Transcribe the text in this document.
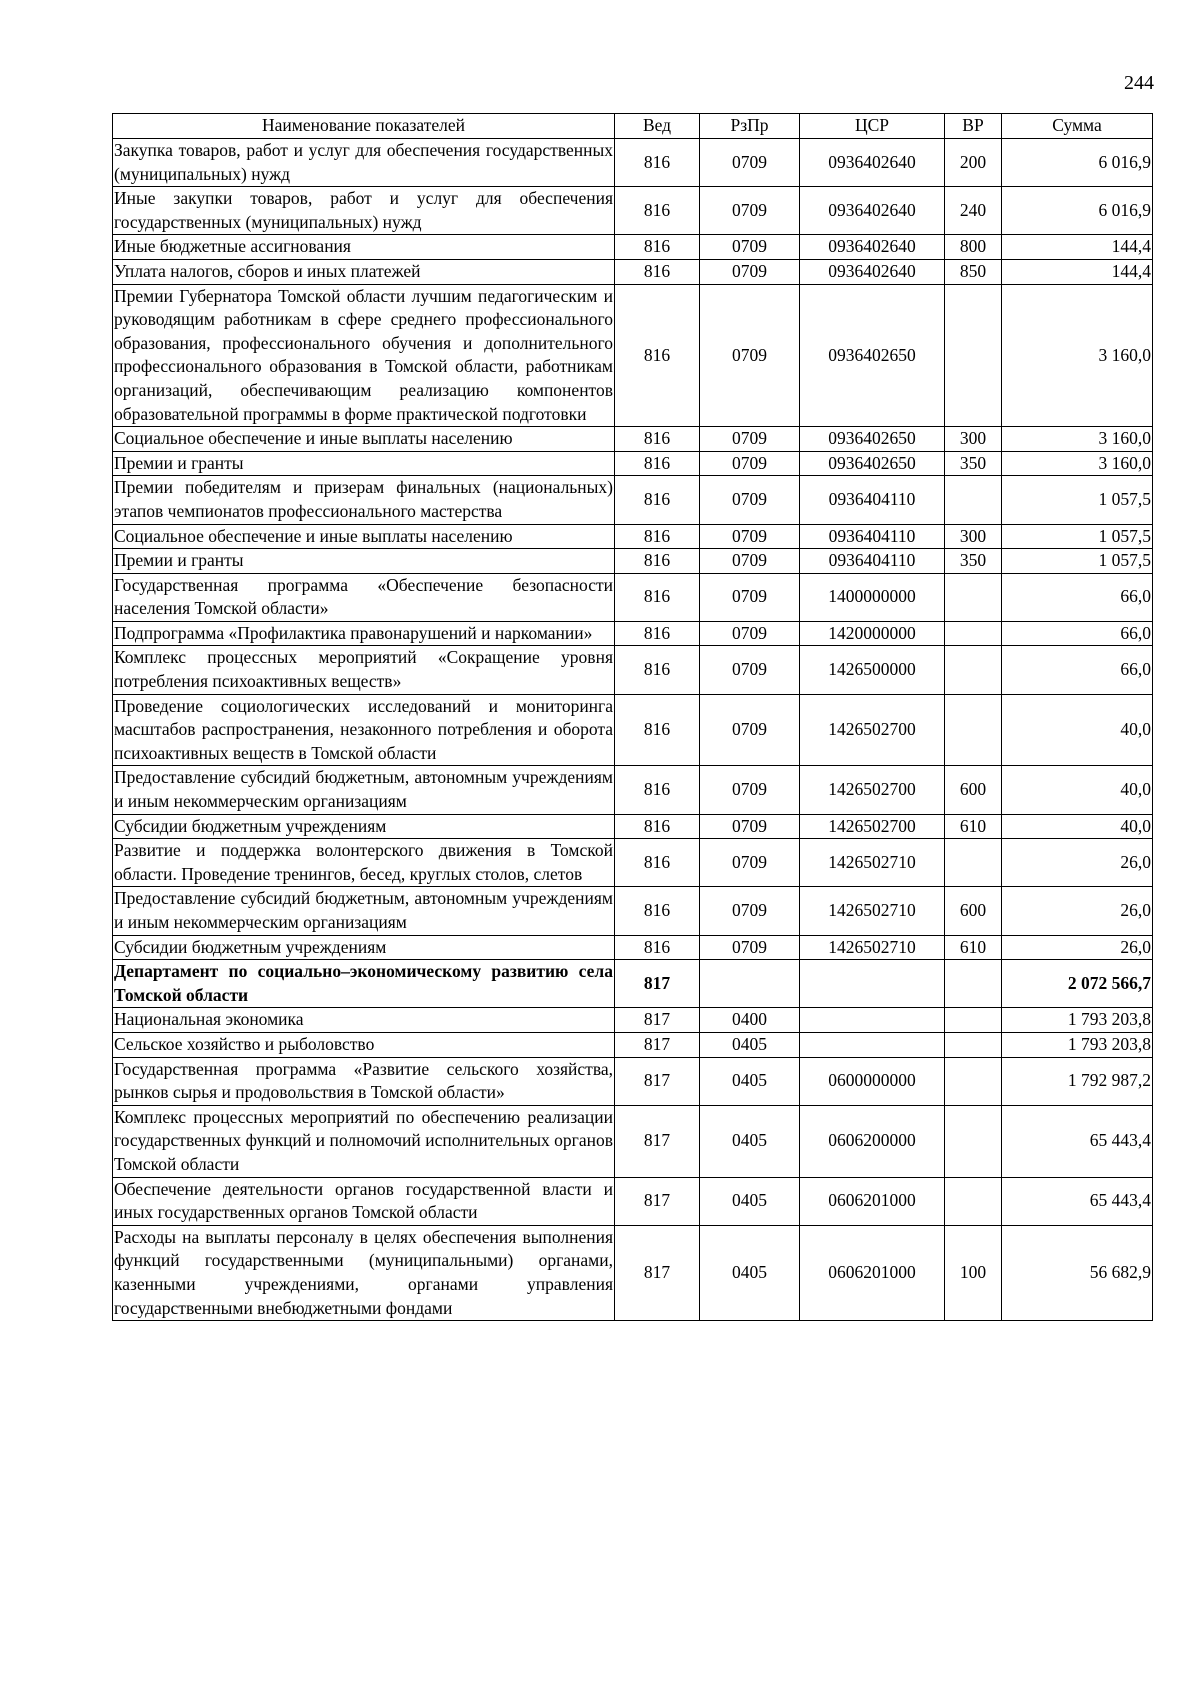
244
Наименование показателей	Вед	РзПр	ЦСР	ВР	Сумма
Закупка товаров, работ и услуг для обеспечения государственных (муниципальных) нужд	816	0709	0936402640	200	6 016,9
Иные закупки товаров, работ и услуг для обеспечения государственных (муниципальных) нужд	816	0709	0936402640	240	6 016,9
Иные бюджетные ассигнования	816	0709	0936402640	800	144,4
Уплата налогов, сборов и иных платежей	816	0709	0936402640	850	144,4
Премии Губернатора Томской области лучшим педагогическим и руководящим работникам в сфере среднего профессионального образования, профессионального обучения и дополнительного профессионального образования в Томской области, работникам организаций, обеспечивающим реализацию компонентов образовательной программы в форме практической подготовки	816	0709	0936402650		3 160,0
Социальное обеспечение и иные выплаты населению	816	0709	0936402650	300	3 160,0
Премии и гранты	816	0709	0936402650	350	3 160,0
Премии победителям и призерам финальных (национальных) этапов чемпионатов профессионального мастерства	816	0709	0936404110		1 057,5
Социальное обеспечение и иные выплаты населению	816	0709	0936404110	300	1 057,5
Премии и гранты	816	0709	0936404110	350	1 057,5
Государственная программа «Обеспечение безопасности населения Томской области»	816	0709	1400000000		66,0
Подпрограмма «Профилактика правонарушений и наркомании»	816	0709	1420000000		66,0
Комплекс процессных мероприятий «Сокращение уровня потребления психоактивных веществ»	816	0709	1426500000		66,0
Проведение социологических исследований и мониторинга масштабов распространения, незаконного потребления и оборота психоактивных веществ в Томской области	816	0709	1426502700		40,0
Предоставление субсидий бюджетным, автономным учреждениям и иным некоммерческим организациям	816	0709	1426502700	600	40,0
Субсидии бюджетным учреждениям	816	0709	1426502700	610	40,0
Развитие и поддержка волонтерского движения в Томской области. Проведение тренингов, бесед, круглых столов, слетов	816	0709	1426502710		26,0
Предоставление субсидий бюджетным, автономным учреждениям и иным некоммерческим организациям	816	0709	1426502710	600	26,0
Субсидии бюджетным учреждениям	816	0709	1426502710	610	26,0
Департамент по социально–экономическому развитию села Томской области	817				2 072 566,7
Национальная экономика	817	0400			1 793 203,8
Сельское хозяйство и рыболовство	817	0405			1 793 203,8
Государственная программа «Развитие сельского хозяйства, рынков сырья и продовольствия в Томской области»	817	0405	0600000000		1 792 987,2
Комплекс процессных мероприятий по обеспечению реализации государственных функций и полномочий исполнительных органов Томской области	817	0405	0606200000		65 443,4
Обеспечение деятельности органов государственной власти и иных государственных органов Томской области	817	0405	0606201000		65 443,4
Расходы на выплаты персоналу в целях обеспечения выполнения функций государственными (муниципальными) органами, казенными учреждениями, органами управления государственными внебюджетными фондами	817	0405	0606201000	100	56 682,9
